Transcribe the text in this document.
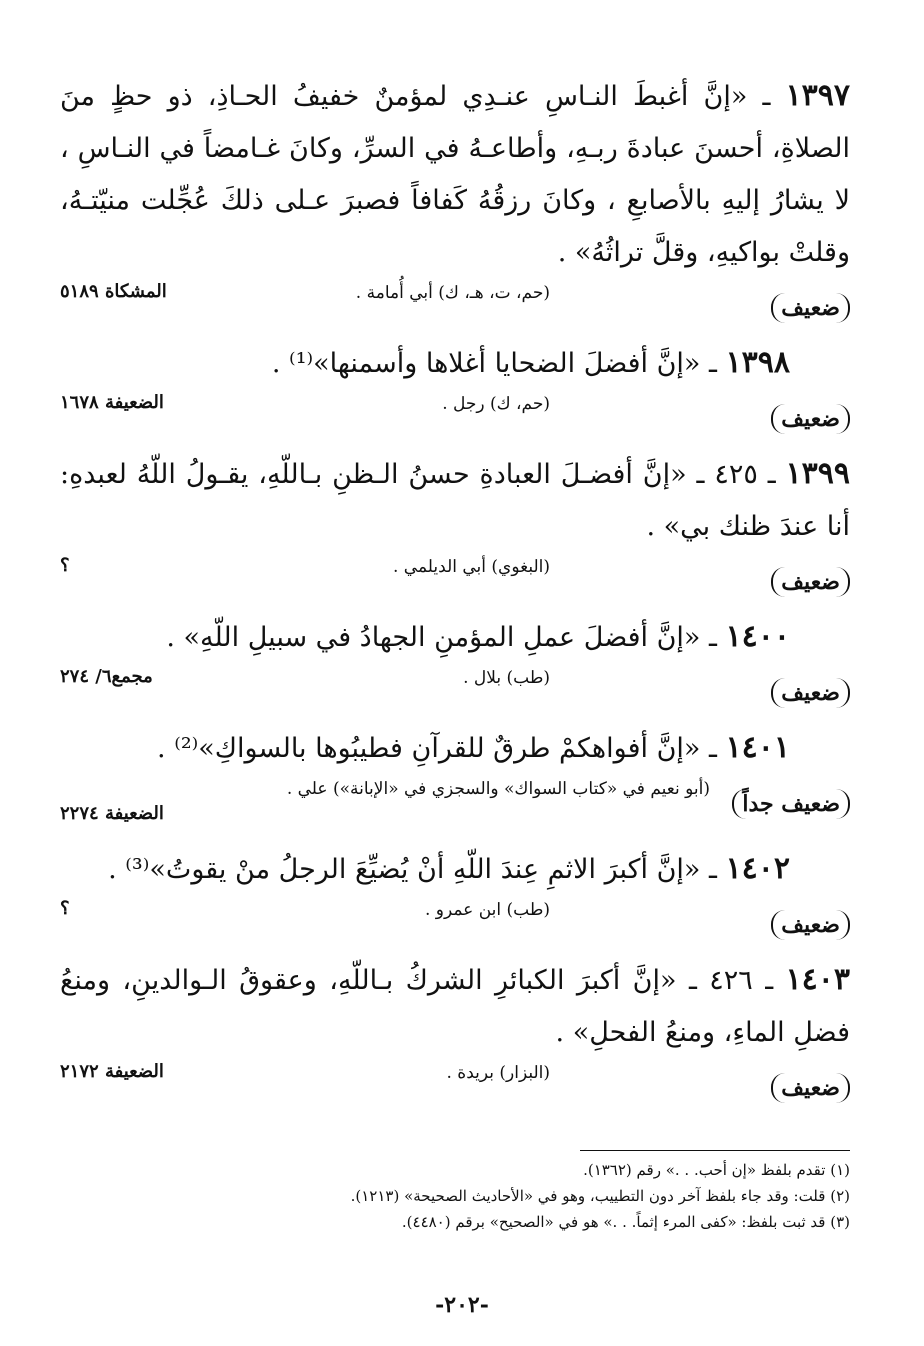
١٣٩٧ ـ «إنَّ أغبطَ النـاسِ عنـدِي لمؤمنٌ خفيفُ الحـاذِ، ذو حظٍ منَ الصلاةِ، أحسنَ عبادةَ ربـهِ، وأطاعـهُ في السرِّ، وكانَ غـامضاً في النـاسِ ، لا يشارُ إليهِ بالأصابعِ ، وكانَ رزقُهُ كَفافاً فصبرَ عـلى ذلكَ عُجِّلت منيّتـهُ، وقلتْ بواكيهِ، وقلَّ تراثُهُ» .

ضعيف
(حم، ت، هـ، ك) أبي أُمامة .
المشكاة ٥١٨٩

١٣٩٨ ـ «إنَّ أفضلَ الضحايا أغلاها وأسمنها»⁽¹⁾ .

ضعيف
(حم، ك) رجل .
الضعيفة ١٦٧٨

١٣٩٩ ـ ٤٢٥ ـ «إنَّ أفضـلَ العبادةِ حسنُ الـظنِ بـاللّهِ، يقـولُ اللّهُ لعبدهِ: أنا عندَ ظنك بي» .

ضعيف
(البغوي) أبي الديلمي .
؟

١٤٠٠ ـ «إنَّ أفضلَ عملِ المؤمنِ الجهادُ في سبيلِ اللّهِ» .

ضعيف
(طب) بلال .
مجمع٦/ ٢٧٤

١٤٠١ ـ «إنَّ أفواهكمْ طرقٌ للقرآنِ فطيبُوها بالسواكِ»⁽²⁾ .

ضعيف جداً
(أبو نعيم في «كتاب السواك» والسجزي في «الإبانة») علي .
الضعيفة ٢٢٧٤

١٤٠٢ ـ «إنَّ أكبرَ الاثمِ عِندَ اللّهِ أنْ يُضيِّعَ الرجلُ منْ يقوتُ»⁽³⁾ .

ضعيف
(طب) ابن عمرو .
؟

١٤٠٣ ـ ٤٢٦ ـ «إنَّ أكبرَ الكبائرِ الشركُ بـاللّهِ، وعقوقُ الـوالدينِ، ومنعُ فضلِ الماءِ، ومنعُ الفحلِ» .

ضعيف
(البزار) بريدة .
الضعيفة ٢١٧٢

(١) تقدم بلفظ «إن أحب. . .» رقم (١٣٦٢).

(٢) قلت: وقد جاء بلفظ آخر دون التطييب، وهو في «الأحاديث الصحيحة» (١٢١٣).

(٣) قد ثبت بلفظ: «كفى المرء إثماً. . .» هو في «الصحيح» برقم (٤٤٨٠).

-٢٠٢-
